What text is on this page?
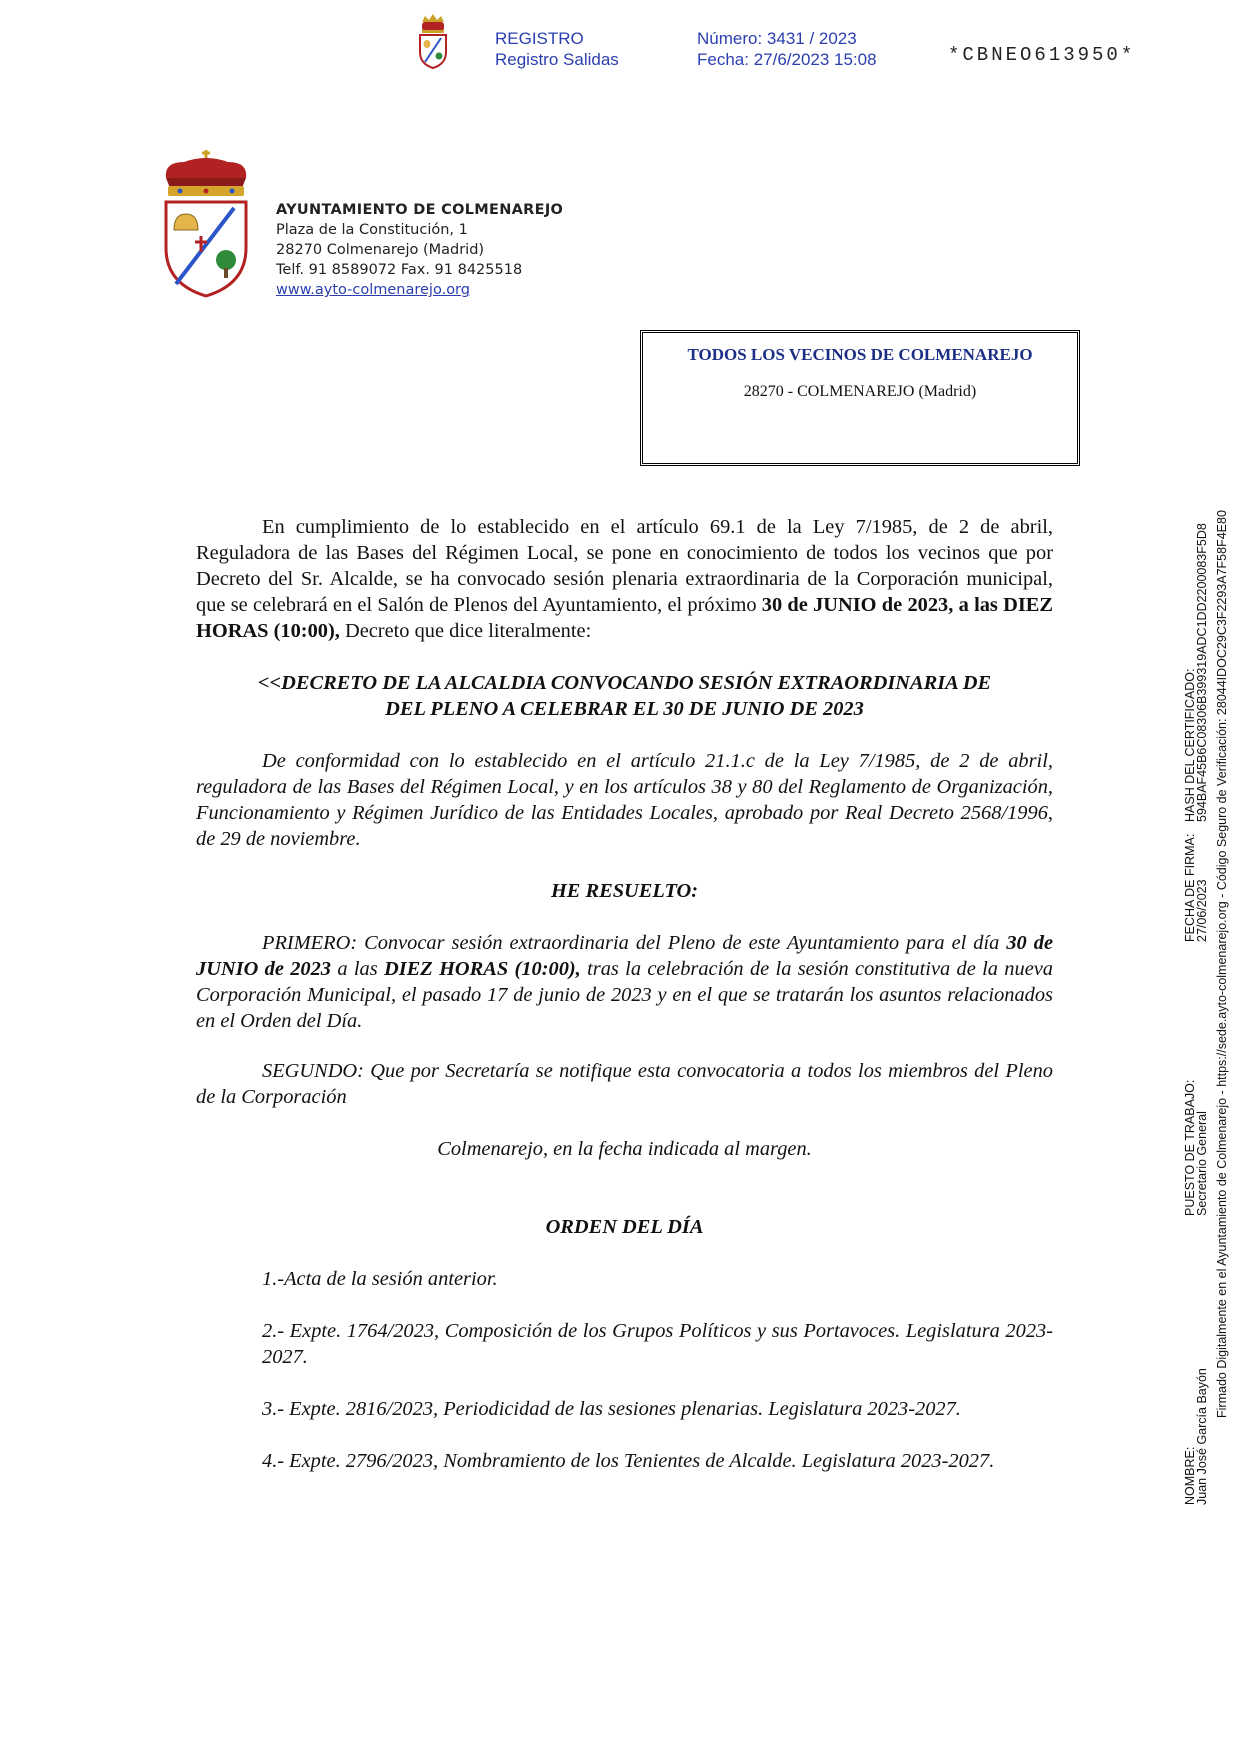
REGISTRO
Registro Salidas
Número: 3431 / 2023
Fecha: 27/6/2023 15:08	*CBNEO613950*
AYUNTAMIENTO DE COLMENAREJO
Plaza de la Constitución, 1
28270 Colmenarejo (Madrid)
Telf. 91 8589072 Fax. 91 8425518
www.ayto-colmenarejo.org
TODOS LOS VECINOS DE COLMENAREJO
28270 - COLMENAREJO (Madrid)
En cumplimiento de lo establecido en el artículo 69.1 de la Ley 7/1985, de 2 de abril, Reguladora de las Bases del Régimen Local, se pone en conocimiento de todos los vecinos que por Decreto del Sr. Alcalde, se ha convocado sesión plenaria extraordinaria de la Corporación municipal, que se celebrará en el Salón de Plenos del Ayuntamiento, el próximo 30 de JUNIO de 2023, a las DIEZ HORAS (10:00), Decreto que dice literalmente:
<<DECRETO DE LA ALCALDIA CONVOCANDO SESIÓN EXTRAORDINARIA DE
DEL PLENO A CELEBRAR EL 30 DE JUNIO DE 2023
De conformidad con lo establecido en el artículo 21.1.c de la Ley 7/1985, de 2 de abril, reguladora de las Bases del Régimen Local, y en los artículos 38 y 80 del Reglamento de Organización, Funcionamiento y Régimen Jurídico de las Entidades Locales, aprobado por Real Decreto 2568/1996, de 29 de noviembre.
HE RESUELTO:
PRIMERO: Convocar sesión extraordinaria del Pleno de este Ayuntamiento para el día 30 de JUNIO de 2023 a las DIEZ HORAS (10:00), tras la celebración de la sesión constitutiva de la nueva Corporación Municipal, el pasado 17 de junio de 2023 y en el que se tratarán los asuntos relacionados en el Orden del Día.
SEGUNDO: Que por Secretaría se notifique esta convocatoria a todos los miembros del Pleno de la Corporación
Colmenarejo, en la fecha indicada al margen.
ORDEN DEL DÍA
1.-Acta de la sesión anterior.
2.- Expte. 1764/2023, Composición de los Grupos Políticos y sus Portavoces. Legislatura 2023-2027.
3.- Expte. 2816/2023, Periodicidad de las sesiones plenarias. Legislatura 2023-2027.
4.- Expte. 2796/2023, Nombramiento de los Tenientes de Alcalde. Legislatura 2023-2027.	NOMBRE:
Juan José García Bayón
PUESTO DE TRABAJO:
Secretario General
FECHA DE FIRMA:
27/06/2023
HASH DEL CERTIFICADO:
594BAF45B6C08306B399319ADC1DD2200083F5D8 Firmado Digitalmente en el Ayuntamiento de Colmenarejo - https://sede.ayto-colmenarejo.org - Código Seguro de Verificación: 28044IDOC29C3F2293A7F58F4E80
